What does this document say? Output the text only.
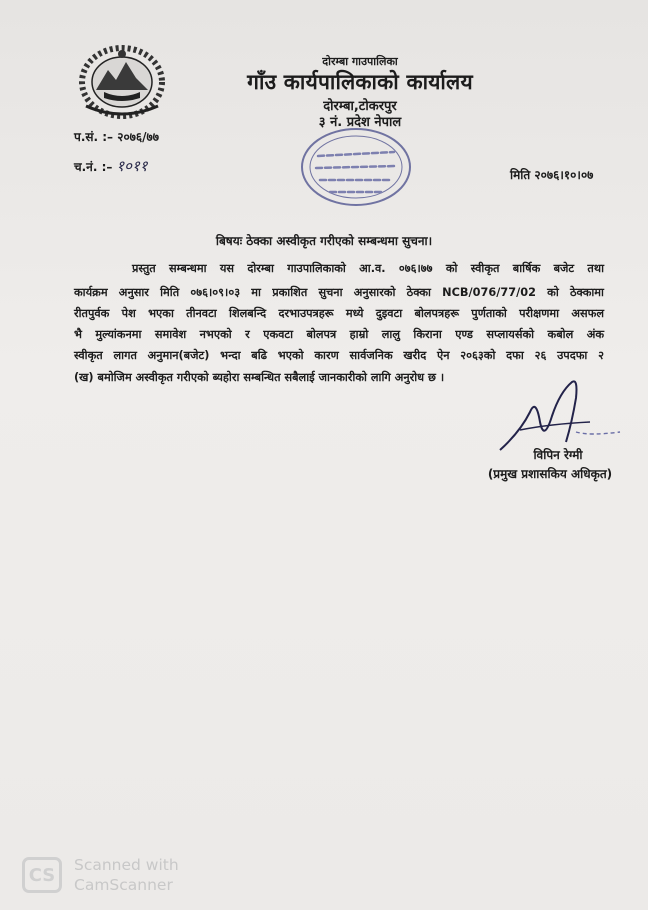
दोरम्बा गाउपालिका
गाँउ कार्यपालिकाको कार्यालय
दोरम्बा,टोकरपुर
३ नं. प्रदेश नेपाल
प.सं. :– २०७६/७७
च.नं. :– १०११	मिति २०७६।१०।०७
बिषयः ठेक्का अस्वीकृत गरीएको सम्बन्धमा सुचना।
प्रस्तुत सम्बन्धमा यस दोरम्बा गाउपालिकाको आ.व. ०७६।७७ को स्वीकृत बार्षिक बजेट तथा
कार्यक्रम अनुसार मिति ०७६।०९।०३ मा प्रकाशित सुचना अनुसारको ठेक्का NCB/076/77/02 को ठेक्कामा
रीतपुर्वक पेश भएका तीनवटा शिलबन्दि दरभाउपत्रहरू मध्ये दुइवटा बोलपत्रहरू पुर्णताको परीक्षणमा असफल
भै मुल्यांकनमा समावेश नभएको र एकवटा बोलपत्र हाम्रो लालु किराना एण्ड सप्लायर्सको कबोल अंक
स्वीकृत लागत अनुमान(बजेट) भन्दा बढि भएको कारण सार्वजनिक खरीद ऐन २०६३को दफा २६ उपदफा २
(ख) बमोजिम अस्वीकृत गरीएको ब्यहोरा सम्बन्धित सबैलाई जानकारीको लागि अनुरोध छ ।
विपिन रेग्मी
(प्रमुख प्रशासकिय अधिकृत)
CS	Scanned with
CamScanner
